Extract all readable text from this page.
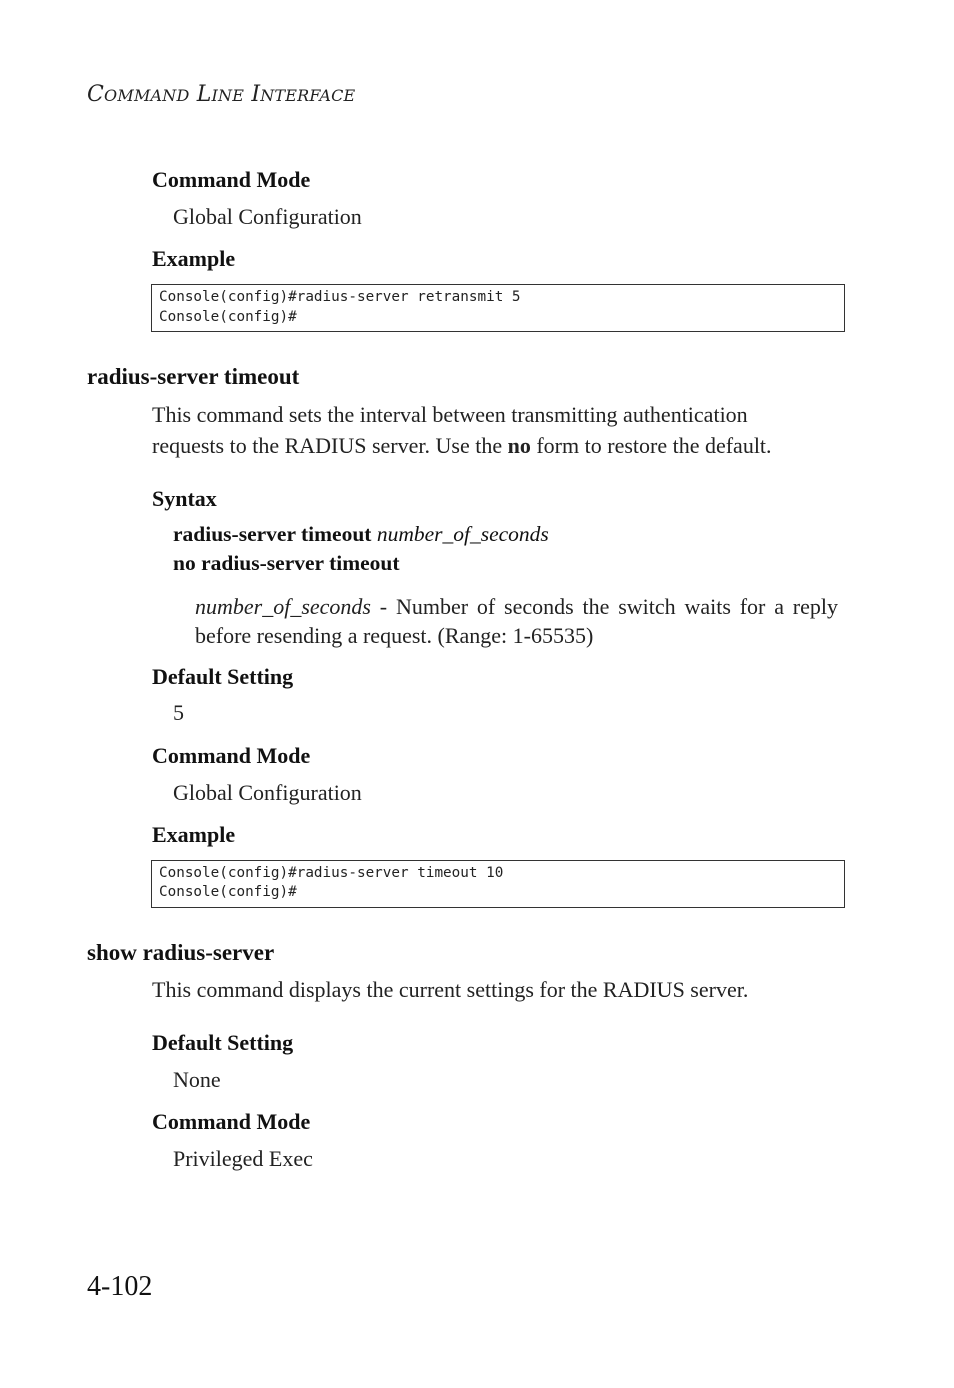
COMMAND LINE INTERFACE
Command Mode
Global Configuration
Example
Console(config)#radius-server retransmit 5
Console(config)#
radius-server timeout
This command sets the interval between transmitting authentication
requests to the RADIUS server. Use the no form to restore the default.
Syntax
radius-server timeout number_of_seconds
no radius-server timeout
number_of_seconds - Number of seconds the switch waits for a reply before resending a request. (Range: 1-65535)
Default Setting
5
Command Mode
Global Configuration
Example
Console(config)#radius-server timeout 10
Console(config)#
show radius-server
This command displays the current settings for the RADIUS server.
Default Setting
None
Command Mode
Privileged Exec
4-102
